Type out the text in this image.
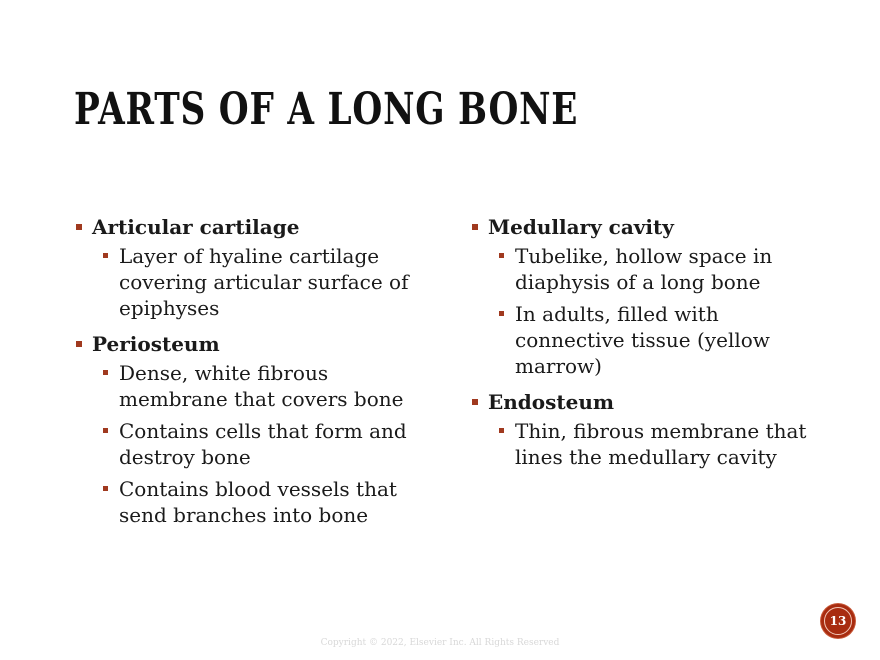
PARTS OF A LONG BONE
Articular cartilage
Layer of hyaline cartilage covering articular surface of epiphyses
Periosteum
Dense, white fibrous membrane that covers bone
Contains cells that form and destroy bone
Contains blood vessels that send branches into bone
Medullary cavity
Tubelike, hollow space in diaphysis of a long bone
In adults, filled with connective tissue (yellow marrow)
Endosteum
Thin, fibrous membrane that lines the medullary cavity
Copyright © 2022, Elsevier Inc. All Rights Reserved
13
